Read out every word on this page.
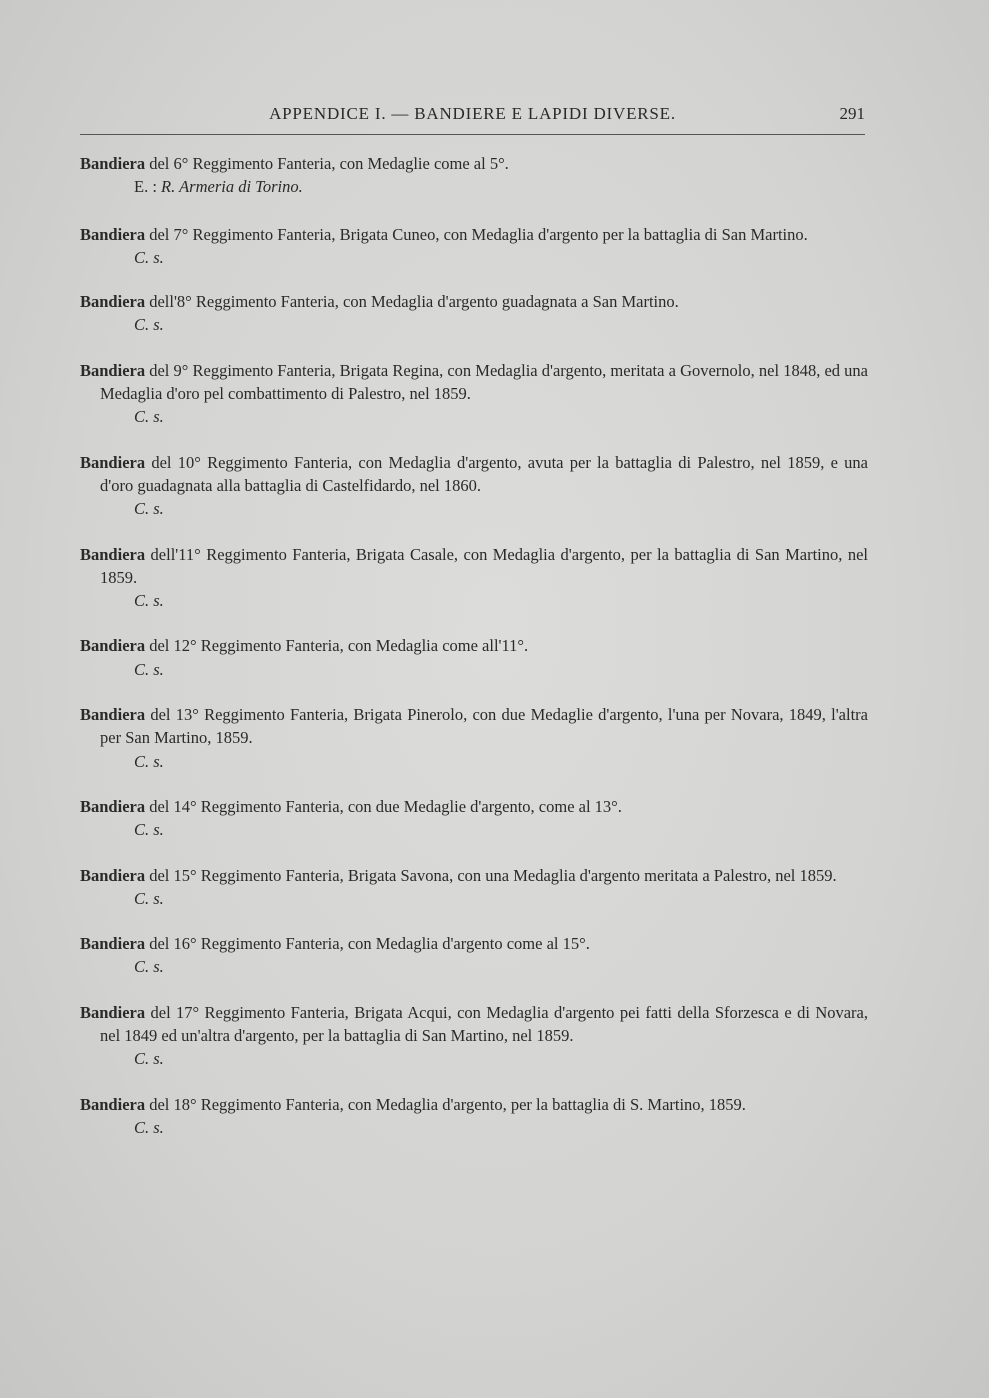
APPENDICE I. — BANDIERE E LAPIDI DIVERSE.	291

Bandiera del 6° Reggimento Fanteria, con Medaglie come al 5°.

E. : R. Armeria di Torino.

Bandiera del 7° Reggimento Fanteria, Brigata Cuneo, con Medaglia d'argento per la battaglia di San Martino.

C. s.

Bandiera dell'8° Reggimento Fanteria, con Medaglia d'argento guadagnata a San Martino.

C. s.

Bandiera del 9° Reggimento Fanteria, Brigata Regina, con Medaglia d'argento, meritata a Governolo, nel 1848, ed una Medaglia d'oro pel combattimento di Palestro, nel 1859.

C. s.

Bandiera del 10° Reggimento Fanteria, con Medaglia d'argento, avuta per la battaglia di Palestro, nel 1859, e una d'oro guadagnata alla battaglia di Castelfidardo, nel 1860.

C. s.

Bandiera dell'11° Reggimento Fanteria, Brigata Casale, con Medaglia d'argento, per la battaglia di San Martino, nel 1859.

C. s.

Bandiera del 12° Reggimento Fanteria, con Medaglia come all'11°.

C. s.

Bandiera del 13° Reggimento Fanteria, Brigata Pinerolo, con due Medaglie d'argento, l'una per Novara, 1849, l'altra per San Martino, 1859.

C. s.

Bandiera del 14° Reggimento Fanteria, con due Medaglie d'argento, come al 13°.

C. s.

Bandiera del 15° Reggimento Fanteria, Brigata Savona, con una Medaglia d'argento meritata a Palestro, nel 1859.

C. s.

Bandiera del 16° Reggimento Fanteria, con Medaglia d'argento come al 15°.

C. s.

Bandiera del 17° Reggimento Fanteria, Brigata Acqui, con Medaglia d'argento pei fatti della Sforzesca e di Novara, nel 1849 ed un'altra d'argento, per la battaglia di San Martino, nel 1859.

C. s.

Bandiera del 18° Reggimento Fanteria, con Medaglia d'argento, per la battaglia di S. Martino, 1859.

C. s.
